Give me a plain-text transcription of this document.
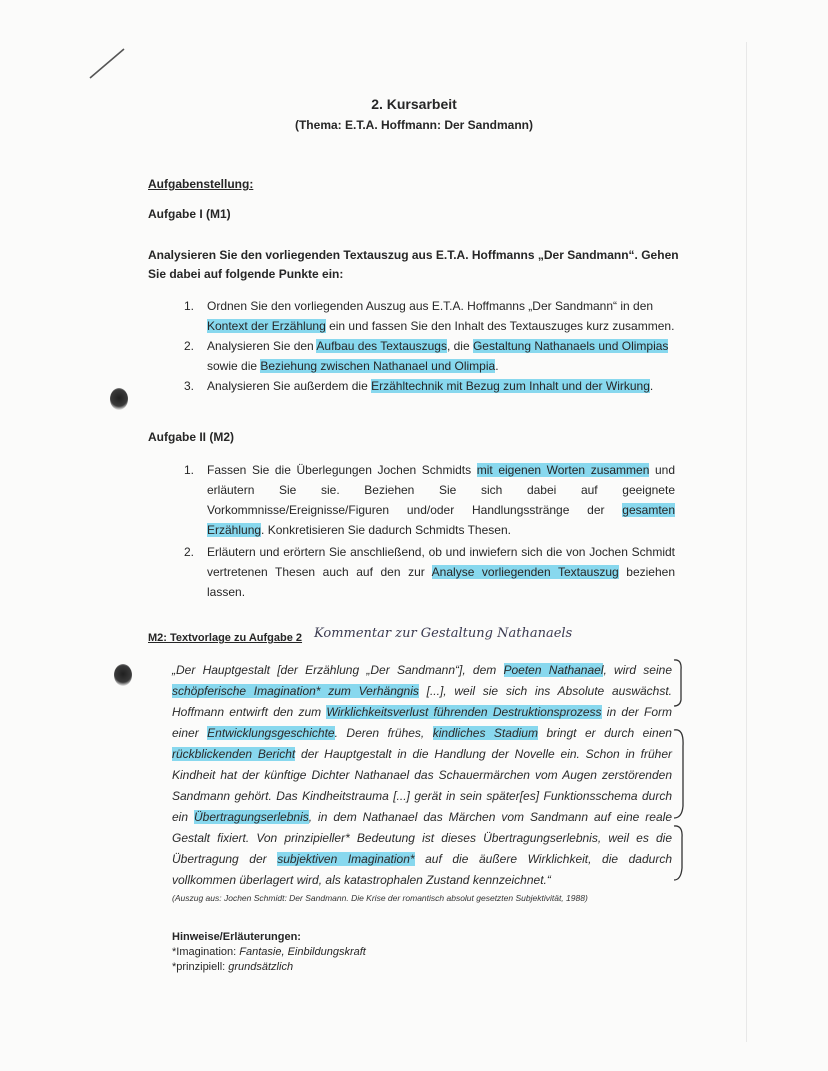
2. Kursarbeit
(Thema: E.T.A. Hoffmann: Der Sandmann)
Aufgabenstellung:
Aufgabe I (M1)
Analysieren Sie den vorliegenden Textauszug aus E.T.A. Hoffmanns „Der Sandmann“. Gehen
Sie dabei auf folgende Punkte ein:
1. Ordnen Sie den vorliegenden Auszug aus E.T.A. Hoffmanns „Der Sandmann“ in den
Kontext der Erzählung ein und fassen Sie den Inhalt des Textauszuges kurz zusammen.
2. Analysieren Sie den Aufbau des Textauszugs, die Gestaltung Nathanaels und Olimpias
sowie die Beziehung zwischen Nathanael und Olimpia.
3. Analysieren Sie außerdem die Erzähltechnik mit Bezug zum Inhalt und der Wirkung.
Aufgabe II (M2)
1. Fassen Sie die Überlegungen Jochen Schmidts mit eigenen Worten zusammen und erläutern Sie sie. Beziehen Sie sich dabei auf geeignete Vorkommnisse/Ereignisse/Figuren und/oder Handlungsstränge der gesamten Erzählung. Konkretisieren Sie dadurch Schmidts Thesen.
2. Erläutern und erörtern Sie anschließend, ob und inwiefern sich die von Jochen Schmidt vertretenen Thesen auch auf den zur Analyse vorliegenden Textauszug beziehen lassen.
M2: Textvorlage zu Aufgabe 2 Kommentar zur Gestaltung Nathanaels
„Der Hauptgestalt [der Erzählung „Der Sandmann“], dem Poeten Nathanael, wird seine schöpferische Imagination* zum Verhängnis [...], weil sie sich ins Absolute auswächst. Hoffmann entwirft den zum Wirklichkeitsverlust führenden Destruktionsprozess in der Form einer Entwicklungsgeschichte. Deren frühes, kindliches Stadium bringt er durch einen rückblickenden Bericht der Hauptgestalt in die Handlung der Novelle ein. Schon in früher Kindheit hat der künftige Dichter Nathanael das Schauermärchen vom Augen zerstörenden Sandmann gehört. Das Kindheitstrauma [...] gerät in sein später[es] Funktionsschema durch ein Übertragungserlebnis, in dem Nathanael das Märchen vom Sandmann auf eine reale Gestalt fixiert. Von prinzipieller* Bedeutung ist dieses Übertragungserlebnis, weil es die Übertragung der subjektiven Imagination* auf die äußere Wirklichkeit, die dadurch vollkommen überlagert wird, als katastrophalen Zustand kennzeichnet.“
(Auszug aus: Jochen Schmidt: Der Sandmann. Die Krise der romantisch absolut gesetzten Subjektivität, 1988)
Hinweise/Erläuterungen:
*Imagination: Fantasie, Einbildungskraft
*prinzipiell: grundsätzlich
